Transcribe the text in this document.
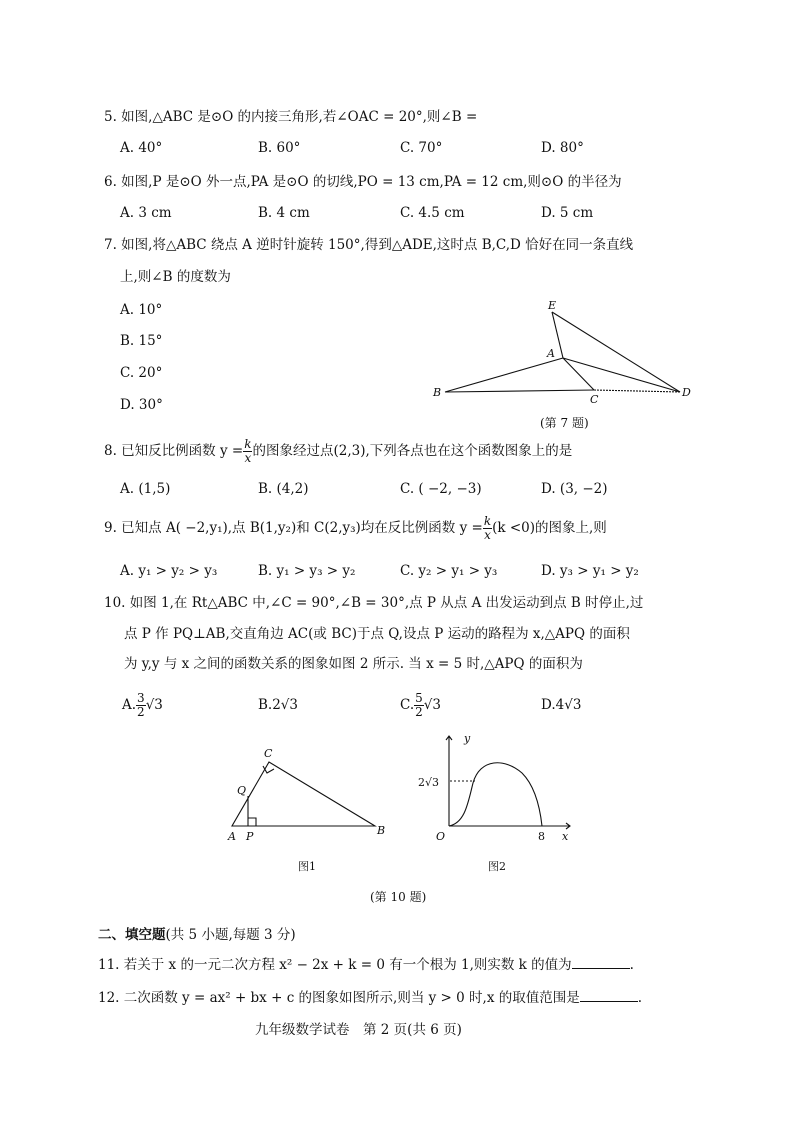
5. 如图,△ABC 是⊙O 的内接三角形,若∠OAC = 20°,则∠B =
A. 40°	B. 60°	C. 70°	D. 80°
6. 如图,P 是⊙O 外一点,PA 是⊙O 的切线,PO = 13 cm,PA = 12 cm,则⊙O 的半径为
A. 3 cm	B. 4 cm	C. 4.5 cm	D. 5 cm
7. 如图,将△ABC 绕点 A 逆时针旋转 150°,得到△ADE,这时点 B,C,D 恰好在同一条直线
上,则∠B 的度数为
A. 10°
B. 15°
C. 20°
D. 30°
E
A
B
C
D
(第 7 题)
8. 已知反比例函数 $y = \frac{k}{x}$ 的图象经过点(2,3),下列各点也在这个函数图象上的是
A. (1,5)	B. (4,2)	C. ( −2, −3)	D. (3, −2)
9. 已知点 A( −2,y₁),点 B(1,y₂)和 C(2,y₃)均在反比例函数 $y = \frac{k}{x} (k <0)$的图象上,则
A. y₁ > y₂ > y₃	B. y₁ > y₃ > y₂	C. y₂ > y₁ > y₃	D. y₃ > y₁ > y₂
10. 如图 1,在 Rt△ABC 中,∠C = 90°,∠B = 30°,点 P 从点 A 出发运动到点 B 时停止,过
点 P 作 PQ⊥AB,交直角边 AC(或 BC)于点 Q,设点 P 运动的路程为 x,△APQ 的面积
为 y,y 与 x 之间的函数关系的图象如图 2 所示. 当 x = 5 时,△APQ 的面积为
A. $\frac{3}{2} √3$	B.2√3	C. $\frac{5}{2} √3$	D.4√3
C
Q
A P	B
图1
y
2√3
O	8 x
图2
(第 10 题)
二、填空题(共 5 小题,每题 3 分)
11. 若关于 x 的一元二次方程 x² − 2x + k = 0 有一个根为 1,则实数 k 的值为	.
12. 二次函数 y = ax² + bx + c 的图象如图所示,则当 y > 0 时,x 的取值范围是	.
九年级数学试卷　第 2 页(共 6 页)
